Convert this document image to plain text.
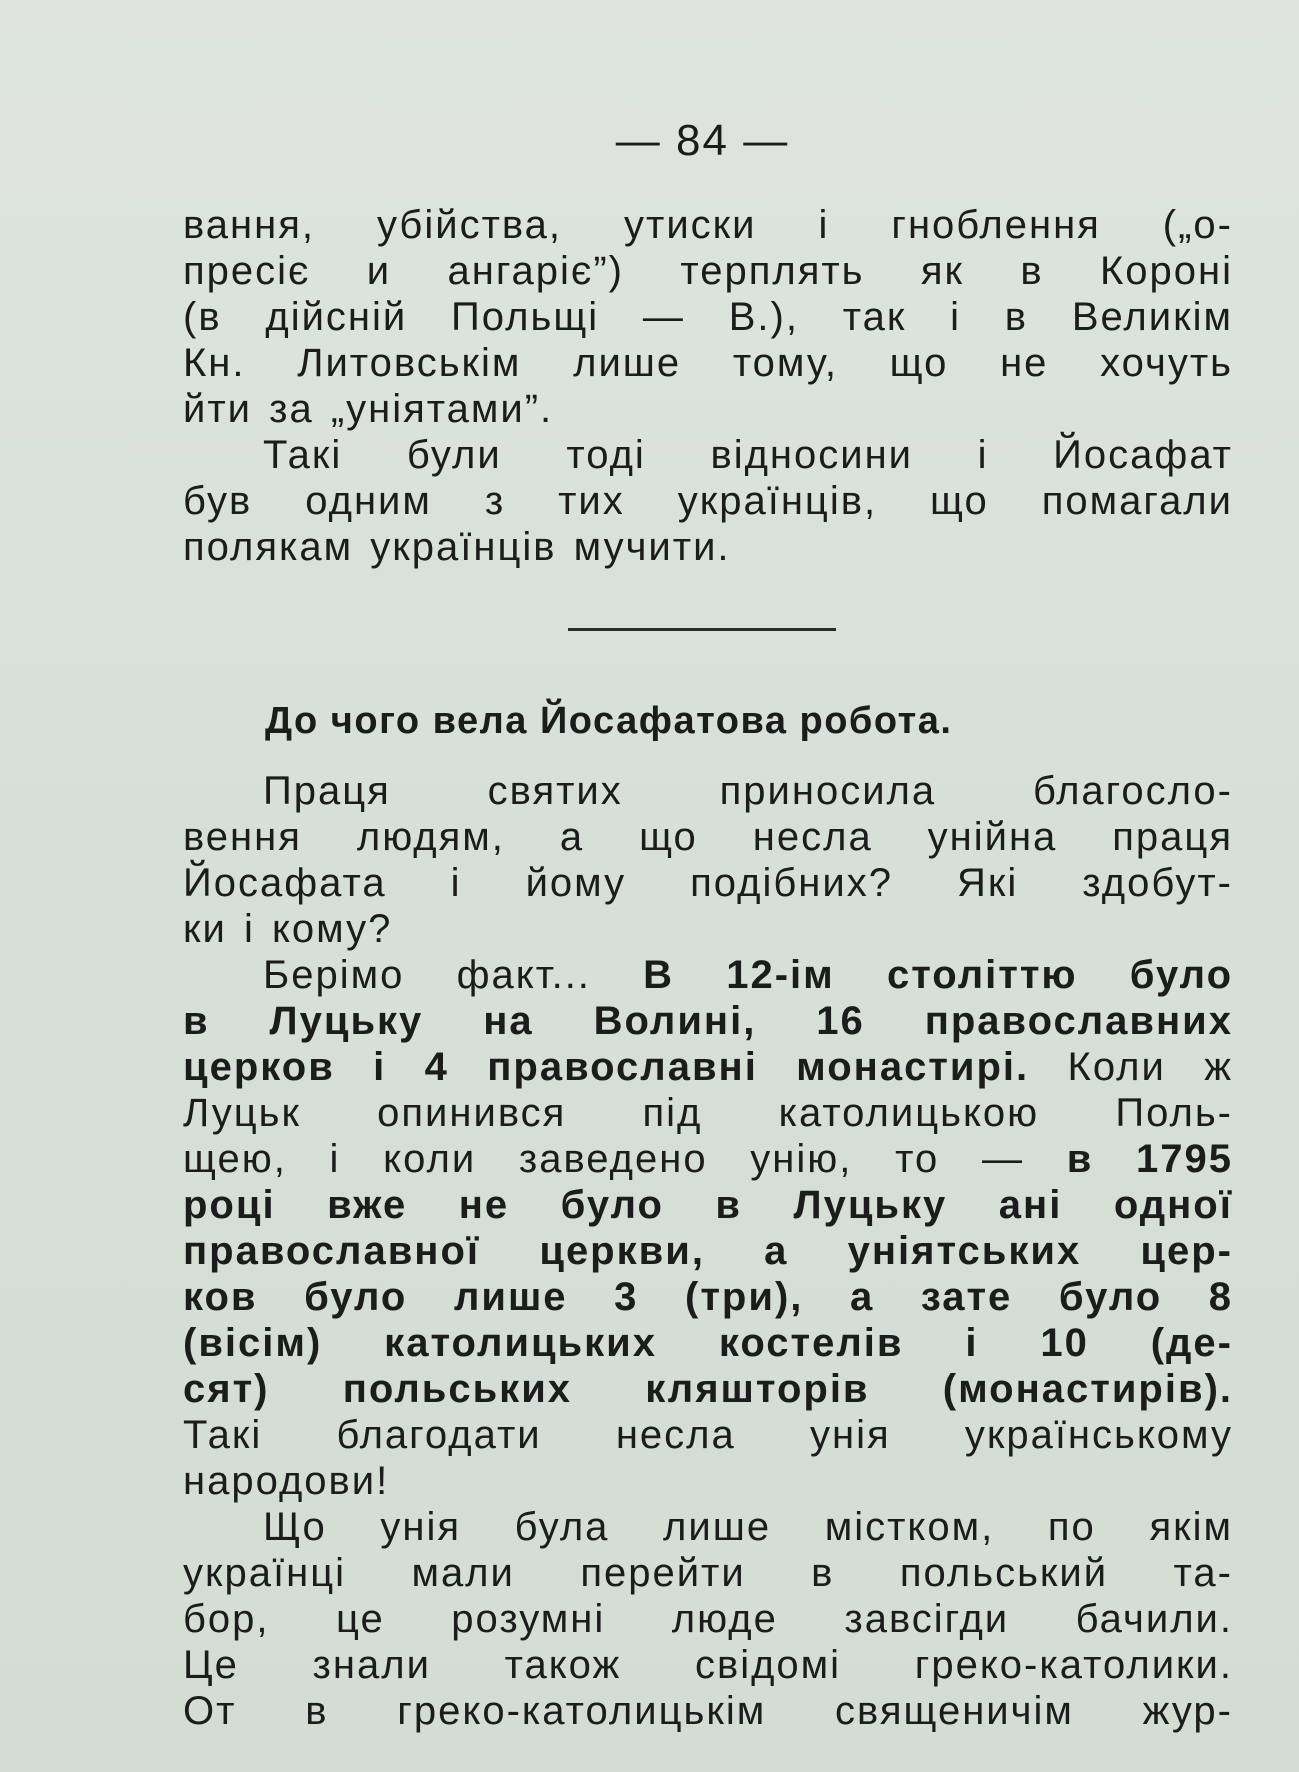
— 84 —

вання, убійства, утиски і гноблення („о-
пресіє и ангаріє”) терплять як в Короні
(в дійсній Польщі — В.), так і в Великім
Кн. Литовськім лише тому, що не хочуть
йти за „уніятами”.

Такі були тоді відносини і Йосафат
був одним з тих українців, що помагали
полякам українців мучити.

До чого вела Йосафатова робота.

Праця святих приносила благосло-
вення людям, а що несла унійна праця
Йосафата і йому подібних? Які здобут-
ки і кому?

Берімо факт... В 12-ім століттю було
в Луцьку на Волині, 16 православних
церков і 4 православні монастирі. Коли ж
Луцьк опинився під католицькою Поль-
щею, і коли заведено унію, то — в 1795
році вже не було в Луцьку ані одної
православної церкви, а уніятських цер-
ков було лише 3 (три), а зате було 8
(вісім) католицьких костелів і 10 (де-
сят) польських кляшторів (монастирів).
Такі благодати несла унія українському
народови!

Що унія була лише містком, по якім
українці мали перейти в польський та-
бор, це розумні люде завсігди бачили.
Це знали також свідомі греко-католики.
От в греко-католицькім священичім жур-
